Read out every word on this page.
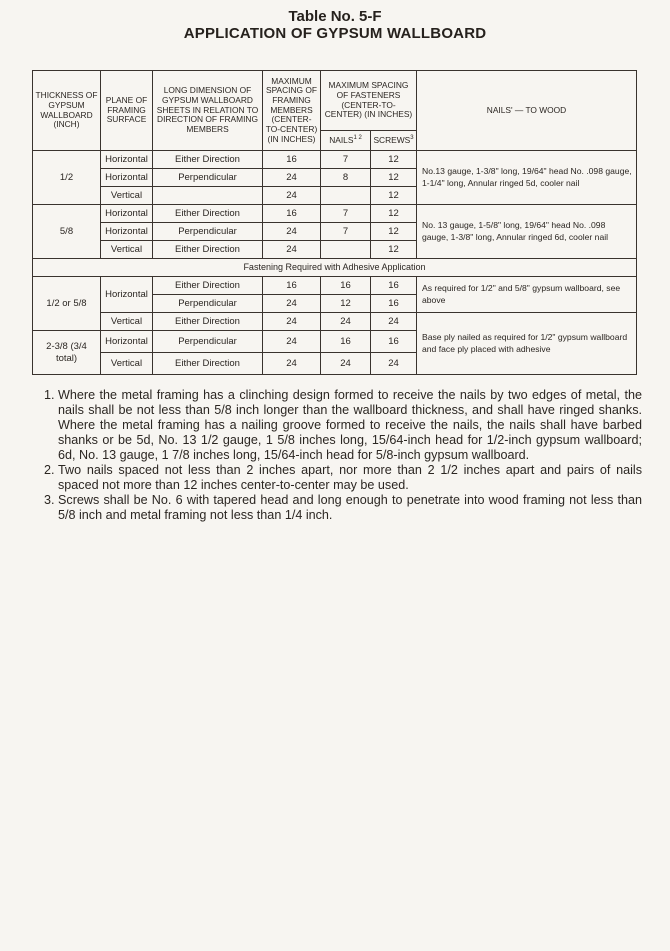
Table No. 5-F
APPLICATION OF GYPSUM WALLBOARD
THICKNESS OF GYPSUM WALLBOARD (INCH)	PLANE OF FRAMING SURFACE	LONG DIMENSION OF GYPSUM WALLBOARD SHEETS IN RELATION TO DIRECTION OF FRAMING MEMBERS	MAXIMUM SPACING OF FRAMING MEMBERS (CENTER-TO-CENTER) (IN INCHES)	MAXIMUM SPACING OF FASTENERS (CENTER-TO-CENTER) (IN INCHES)		NAILS' — TO WOOD
				NAILS$^{1 2}$	SCREWS$^3$
1/2	Horizontal	Either Direction	16	7	12	No.13 gauge, 1-3/8" long, 19/64" head No. .098 gauge, 1-1/4" long, Annular ringed 5d, cooler nail
	Horizontal	Perpendicular	24	8	12	
	Vertical		24		12	
5/8	Horizontal	Either Direction	16	7	12	No. 13 gauge, 1-5/8" long, 19/64" head No. .098 gauge, 1-3/8" long, Annular ringed 6d, cooler nail
	Horizontal	Perpendicular	24	7	12	
	Vertical	Either Direction	24		12	
Fastening Required with Adhesive Application						
1/2 or 5/8	Horizontal	Either Direction	16	16	16	As required for 1/2" and 5/8" gypsum wallboard, see above
		Perpendicular	24	12	16	
	Vertical	Either Direction	24	24	24	Base ply nailed as required for 1/2" gypsum wallboard and face ply placed with adhesive
2-3/8 (3/4 total)	Horizontal	Perpendicular	24	16	16	
	Vertical	Either Direction	24	24	24	
1. Where the metal framing has a clinching design formed to receive the nails by two edges of metal, the nails shall be not less than 5/8 inch longer than the wallboard thickness, and shall have ringed shanks. Where the metal framing has a nailing groove formed to receive the nails, the nails shall have barbed shanks or be 5d, No. 13 1/2 gauge, 1 5/8 inches long, 15/64-inch head for 1/2-inch gypsum wallboard; 6d, No. 13 gauge, 1 7/8 inches long, 15/64-inch head for 5/8-inch gypsum wallboard.
2. Two nails spaced not less than 2 inches apart, nor more than 2 1/2 inches apart and pairs of nails spaced not more than 12 inches center-to-center may be used.
3. Screws shall be No. 6 with tapered head and long enough to penetrate into wood framing not less than 5/8 inch and metal framing not less than 1/4 inch.
